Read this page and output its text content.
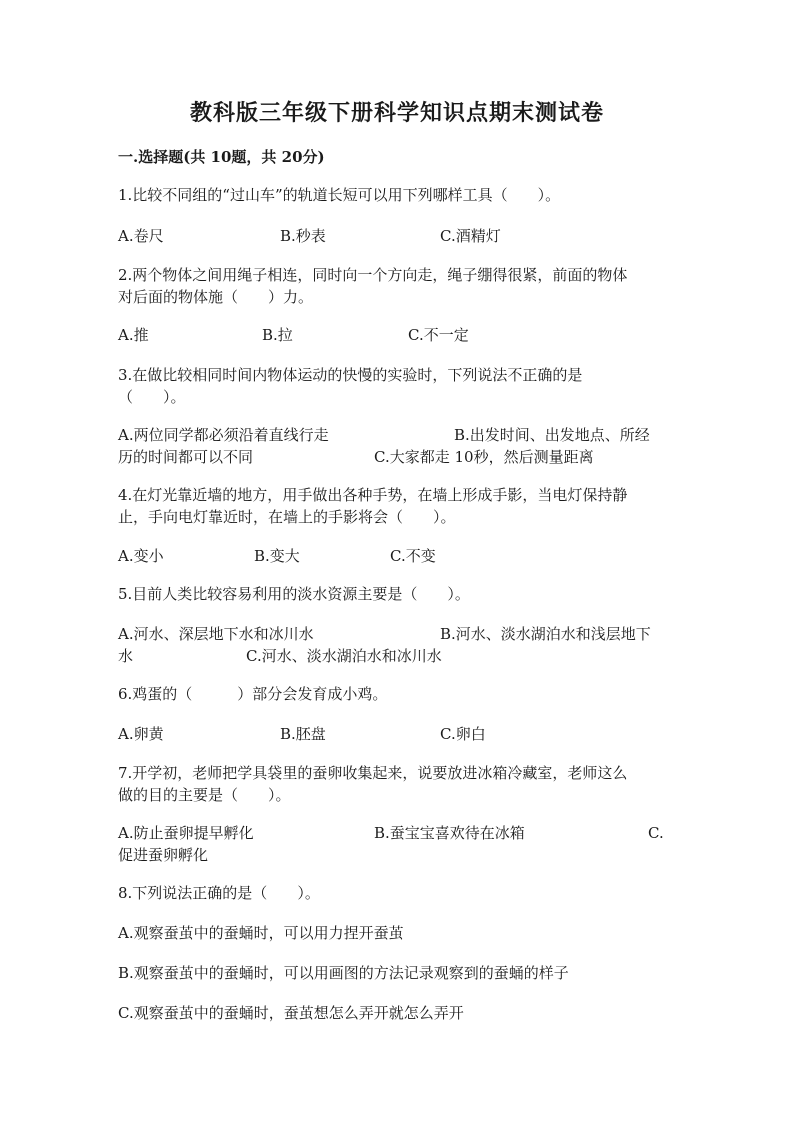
教科版三年级下册科学知识点期末测试卷
一.选择题(共 10题，共 20分)
1.比较不同组的“过山车”的轨道长短可以用下列哪样工具（　　）。
A.卷尺	B.秒表	C.酒精灯
2.两个物体之间用绳子相连，同时向一个方向走，绳子绷得很紧，前面的物体
对后面的物体施（　　）力。
A.推	B.拉	C.不一定
3.在做比较相同时间内物体运动的快慢的实验时，下列说法不正确的是
（　　）。
A.两位同学都必须沿着直线行走	B.出发时间、出发地点、所经
历的时间都可以不同	C.大家都走 10秒，然后测量距离
4.在灯光靠近墙的地方，用手做出各种手势，在墙上形成手影，当电灯保持静
止，手向电灯靠近时，在墙上的手影将会（　　）。
A.变小	B.变大	C.不变
5.目前人类比较容易利用的淡水资源主要是（　　）。
A.河水、深层地下水和冰川水	B.河水、淡水湖泊水和浅层地下
水	C.河水、淡水湖泊水和冰川水
6.鸡蛋的（　　　）部分会发育成小鸡。
A.卵黄	B.胚盘	C.卵白
7.开学初，老师把学具袋里的蚕卵收集起来，说要放进冰箱冷藏室，老师这么
做的目的主要是（　　）。
A.防止蚕卵提早孵化	B.蚕宝宝喜欢待在冰箱	C.
促进蚕卵孵化
8.下列说法正确的是（　　）。
A.观察蚕茧中的蚕蛹时，可以用力捏开蚕茧
B.观察蚕茧中的蚕蛹时，可以用画图的方法记录观察到的蚕蛹的样子
C.观察蚕茧中的蚕蛹时，蚕茧想怎么弄开就怎么弄开
